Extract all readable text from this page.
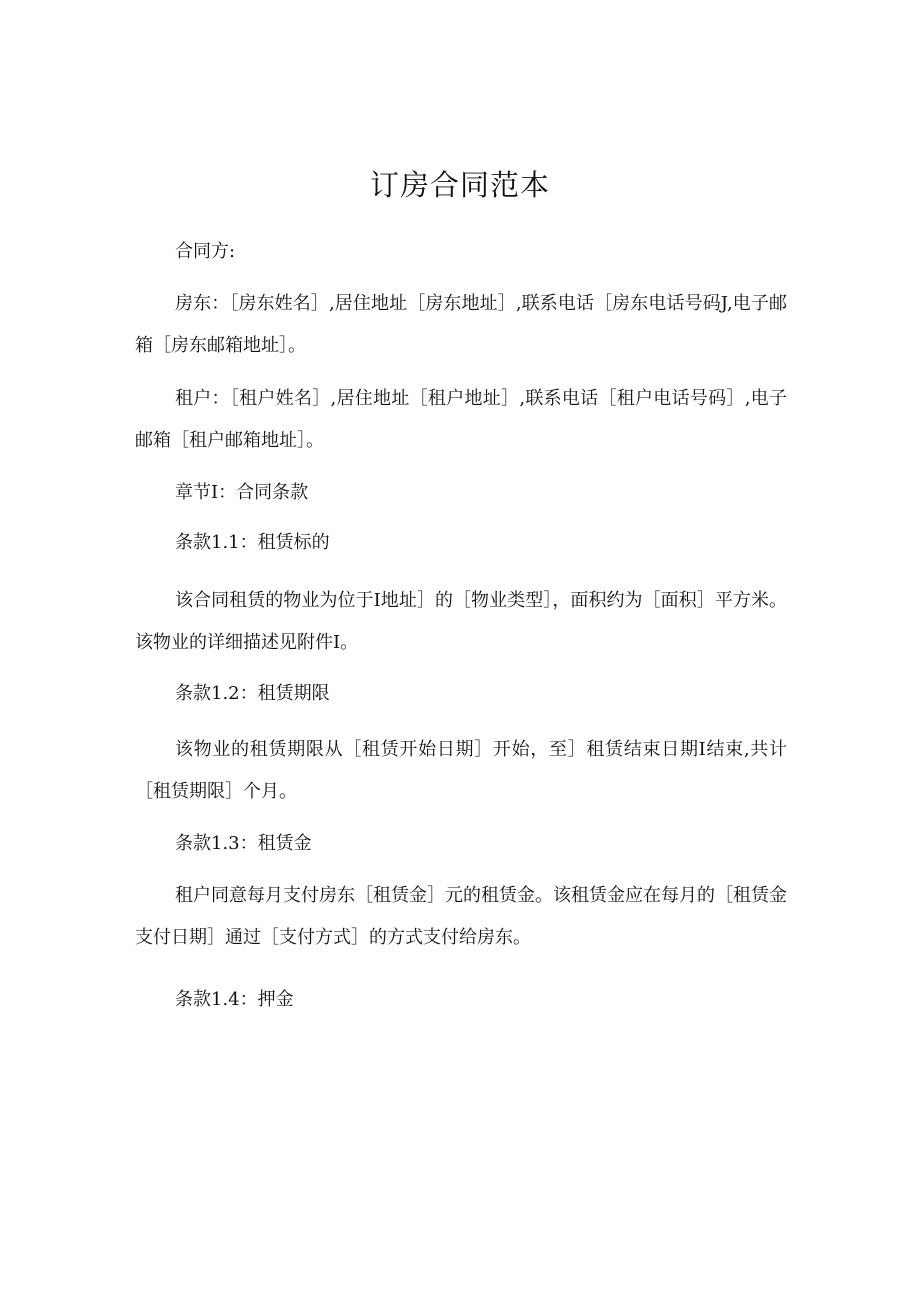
订房合同范本

合同方:

房东：［房东姓名］,居住地址［房东地址］,联系电话［房东电话号码J,电子邮箱［房东邮箱地址］。

租户：［租户姓名］,居住地址［租户地址］,联系电话［租户电话号码］,电子邮箱［租户邮箱地址］。

章节I：合同条款

条款1.1：租赁标的

该合同租赁的物业为位于I地址］的［物业类型］，面积约为［面积］平方米。该物业的详细描述见附件I。

条款1.2：租赁期限

该物业的租赁期限从［租赁开始日期］开始，至］租赁结束日期I结束,共计［租赁期限］个月。

条款1.3：租赁金

租户同意每月支付房东［租赁金］元的租赁金。该租赁金应在每月的［租赁金支付日期］通过［支付方式］的方式支付给房东。

条款1.4：押金
